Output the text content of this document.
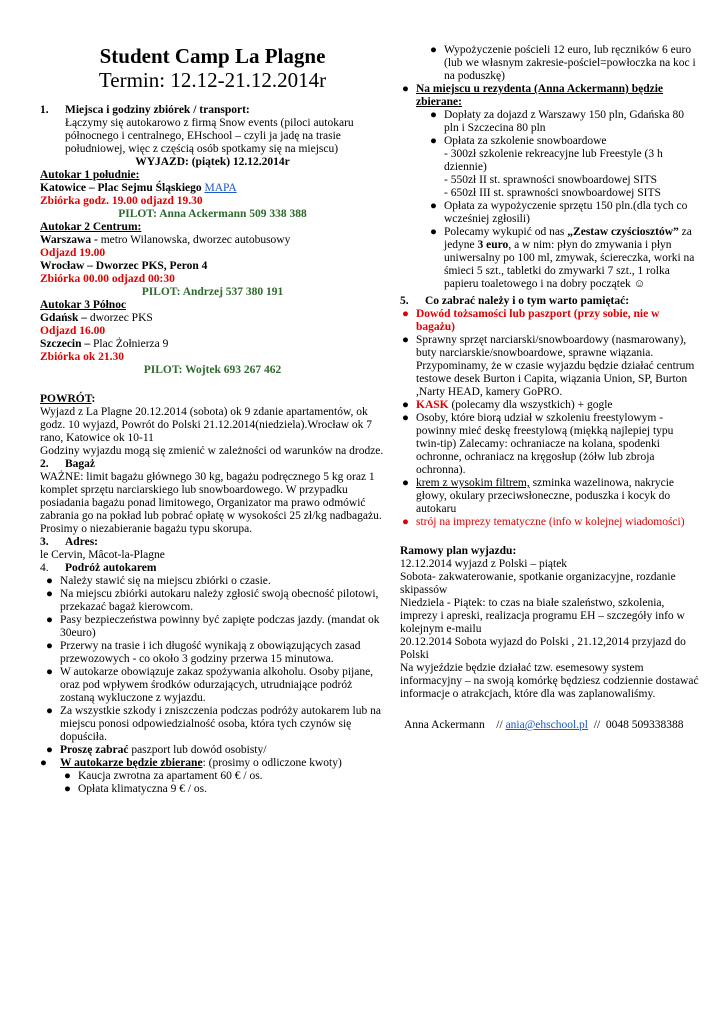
Student Camp La Plagne
Termin: 12.12-21.12.2014r
1.	Miejsca i godziny zbiórek / transport:

Łączymy się autokarowo z firmą Snow events (piloci autokaru północnego i centralnego, EHschool – czyli ja jadę na trasie południowej, więc z częścią osób spotkamy się na miejscu)

WYJAZD: (piątek) 12.12.2014r

Autokar 1 południe:

Katowice – Plac Sejmu Śląskiego MAPA

Zbiórka godz. 19.00 odjazd 19.30

PILOT: Anna Ackermann 509 338 388

Autokar 2 Centrum:

Warszawa - metro Wilanowska, dworzec autobusowy

Odjazd 19.00

Wrocław – Dworzec PKS, Peron 4

Zbiórka 00.00 odjazd 00:30

PILOT: Andrzej 537 380 191

Autokar 3 Północ

Gdańsk – dworzec PKS

Odjazd 16.00

Szczecin – Plac Żołnierza 9

Zbiórka ok 21.30

PILOT: Wojtek 693 267 462

POWRÓT:

Wyjazd z La Plagne 20.12.2014 (sobota) ok 9 zdanie apartamentów, ok godz. 10 wyjazd, Powrót do Polski 21.12.2014(niedziela).Wrocław ok 7 rano, Katowice ok 10-11

Godziny wyjazdu mogą się zmienić w zależności od warunków na drodze.

2.	Bagaż

WAŻNE: limit bagażu głównego 30 kg, bagażu podręcznego 5 kg oraz 1 komplet sprzętu narciarskiego lub snowboardowego. W przypadku posiadania bagażu ponad limitowego, Organizator ma prawo odmówić zabrania go na pokład lub pobrać opłatę w wysokości 25 zł/kg nadbagażu. Prosimy o niezabieranie bagażu typu skorupa.

3.	Adres:

le Cervin, Mâcot-la-Plagne

4.	Podróż autokarem
● Należy stawić się na miejscu zbiórki o czasie.
● Na miejscu zbiórki autokaru należy zgłosić swoją obecność pilotowi, przekazać bagaż kierowcom.
● Pasy bezpieczeństwa powinny być zapięte podczas jazdy. (mandat ok 30euro)
● Przerwy na trasie i ich długość wynikają z obowiązujących zasad przewozowych - co około 3 godziny przerwa 15 minutowa.
● W autokarze obowiązuje zakaz spożywania alkoholu. Osoby pijane, oraz pod wpływem środków odurzających, utrudniające podróż zostaną wykluczone z wyjazdu.
● Za wszystkie szkody i zniszczenia podczas podróży autokarem lub na miejscu ponosi odpowiedzialność osoba, która tych czynów się dopuściła.
● Proszę zabrać paszport lub dowód osobisty/
● W autokarze będzie zbierane: (prosimy o odliczone kwoty)
● Kaucja zwrotna za apartament 60 € / os.
● Opłata klimatyczna 9 € / os.
● Wypożyczenie pościeli 12 euro, lub ręczników 6 euro (lub we własnym zakresie-pościel=powłoczka na koc i na poduszkę)
● Na miejscu u rezydenta (Anna Ackermann) będzie zbierane:
● Dopłaty za dojazd z Warszawy 150 pln, Gdańska 80 pln i Szczecina 80 pln
● Opłata za szkolenie snowboardowe
- 300zł szkolenie rekreacyjne lub Freestyle (3 h dziennie)
- 550zł II st. sprawności snowboardowej SITS
- 650zł III st. sprawności snowboardowej SITS
● Opłata za wypożyczenie sprzętu 150 pln.(dla tych co wcześniej zgłosili)
● Polecamy wykupić od nas „Zestaw czyściosztów” za jedyne 3 euro, a w nim: płyn do zmywania i płyn uniwersalny po 100 ml, zmywak, ściereczka, worki na śmieci 5 szt., tabletki do zmywarki 7 szt., 1 rolka papieru toaletowego i na dobry początek ☺
5.	Co zabrać należy i o tym warto pamiętać:
● Dowód tożsamości lub paszport (przy sobie, nie w bagażu)
● Sprawny sprzęt narciarski/snowboardowy (nasmarowany), buty narciarskie/snowboardowe, sprawne wiązania. Przypominamy, że w czasie wyjazdu będzie działać centrum testowe desek Burton i Capita, wiązania Union, SP, Burton ,Narty HEAD, kamery GoPRO.
● KASK (polecamy dla wszystkich) + gogle
● Osoby, które biorą udział w szkoleniu freestylowym - powinny mieć deskę freestylową (miękką najlepiej typu twin-tip) Zalecamy: ochraniacze na kolana, spodenki ochronne, ochraniacz na kręgosłup (żółw lub zbroja ochronna).
● krem z wysokim filtrem, szminka wazelinowa, nakrycie głowy, okulary przeciwsłoneczne, poduszka i kocyk do autokaru
● strój na imprezy tematyczne (info w kolejnej wiadomości)

Ramowy plan wyjazdu:

12.12.2014 wyjazd z Polski – piątek

Sobota- zakwaterowanie, spotkanie organizacyjne, rozdanie skipassów

Niedziela - Piątek: to czas na białe szaleństwo, szkolenia, imprezy i apreski, realizacja programu EH – szczegóły info w kolejnym e-mailu

20.12.2014 Sobota wyjazd do Polski , 21.12,2014 przyjazd do Polski

Na wyjeździe będzie działać tzw. esemesowy system informacyjny – na swoją komórkę będziesz codziennie dostawać informacje o atrakcjach, które dla was zaplanowaliśmy.

Anna Ackermann // ania@ehschool.pl // 0048 509338388
